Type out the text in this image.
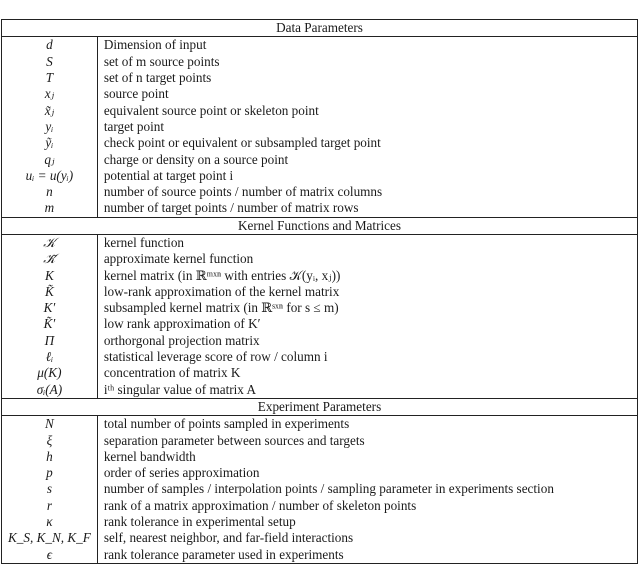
Data Parameters	
d	Dimension of input
S	set of m source points
T	set of n target points
xⱼ	source point
x̃ⱼ	equivalent source point or skeleton point
yᵢ	target point
ỹᵢ	check point or equivalent or subsampled target point
qⱼ	charge or density on a source point
uᵢ = u(yᵢ)	potential at target point i
n	number of source points / number of matrix columns
m	number of target points / number of matrix rows
Kernel Functions and Matrices	
𝒦	kernel function
𝒦̃	approximate kernel function
K	kernel matrix (in ℝᵐˣⁿ with entries 𝒦(yᵢ, xⱼ))
K̃	low-rank approximation of the kernel matrix
K′	subsampled kernel matrix (in ℝˢˣⁿ for s ≤ m)
K̃′	low rank approximation of K′
Π	orthorgonal projection matrix
ℓᵢ	statistical leverage score of row / column i
μ(K)	concentration of matrix K
σᵢ(A)	iᵗʰ singular value of matrix A
Experiment Parameters	
N	total number of points sampled in experiments
ξ	separation parameter between sources and targets
h	kernel bandwidth
p	order of series approximation
s	number of samples / interpolation points / sampling parameter in experiments section
r	rank of a matrix approximation / number of skeleton points
κ	rank tolerance in experimental setup
K_S, K_N, K_F	self, nearest neighbor, and far-field interactions
ϵ	rank tolerance parameter used in experiments
